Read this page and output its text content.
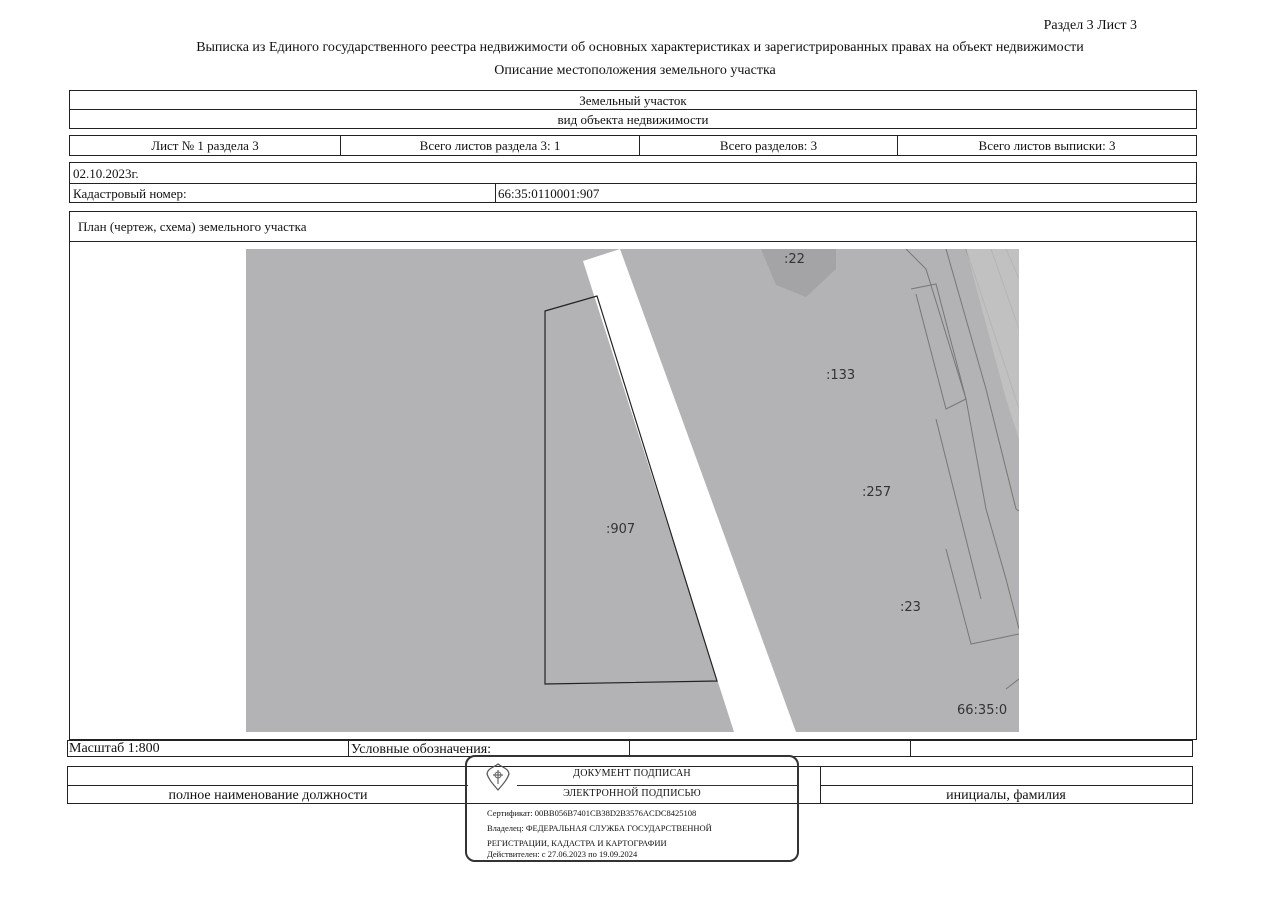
Раздел 3 Лист 3
Выписка из Единого государственного реестра недвижимости об основных характеристиках и зарегистрированных правах на объект недвижимости
Описание местоположения земельного участка
Земельный участок
вид объекта недвижимости
Лист № 1 раздела 3	Всего листов раздела 3: 1	Всего разделов: 3	Всего листов выписки: 3
02.10.2023г.
Кадастровый номер:	66:35:0110001:907
План (чертеж, схема) земельного участка
:22
:133
:907
:257
:23
66:35:0
Масштаб 1:800	Условные обозначения:
полное наименование должности	инициалы, фамилия
ДОКУМЕНТ ПОДПИСАН
ЭЛЕКТРОННОЙ ПОДПИСЬЮ
Сертификат: 00BB056B7401CB38D2B3576ACDC8425108
Владелец: ФЕДЕРАЛЬНАЯ СЛУЖБА ГОСУДАРСТВЕННОЙ
РЕГИСТРАЦИИ, КАДАСТРА И КАРТОГРАФИИ
Действителен: с 27.06.2023 по 19.09.2024
